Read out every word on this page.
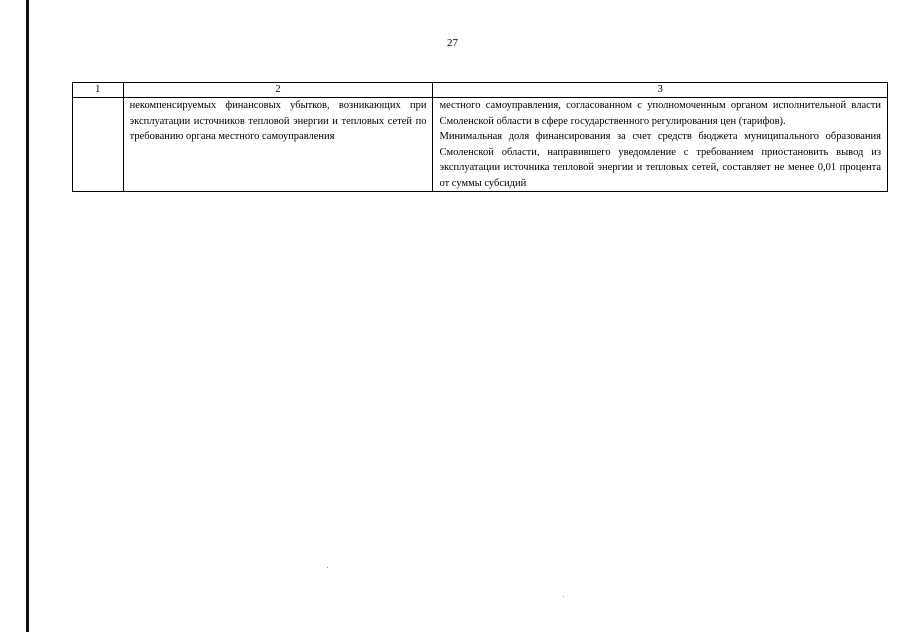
27
1	2	3

	некомпенсируемых финансовых убытков, возникающих при эксплуатации источников тепловой энергии и тепловых сетей по требованию органа местного самоуправления	местного самоуправления, согласованном с уполномоченным органом исполнительной власти Смоленской области в сфере государственного регулирования цен (тарифов).

Минимальная доля финансирования за счет средств бюджета муниципального образования Смоленской области, направившего уведомление с требованием приостановить вывод из эксплуатации источника тепловой энергии и тепловых сетей, составляет не менее 0,01 процента от суммы субсидий
